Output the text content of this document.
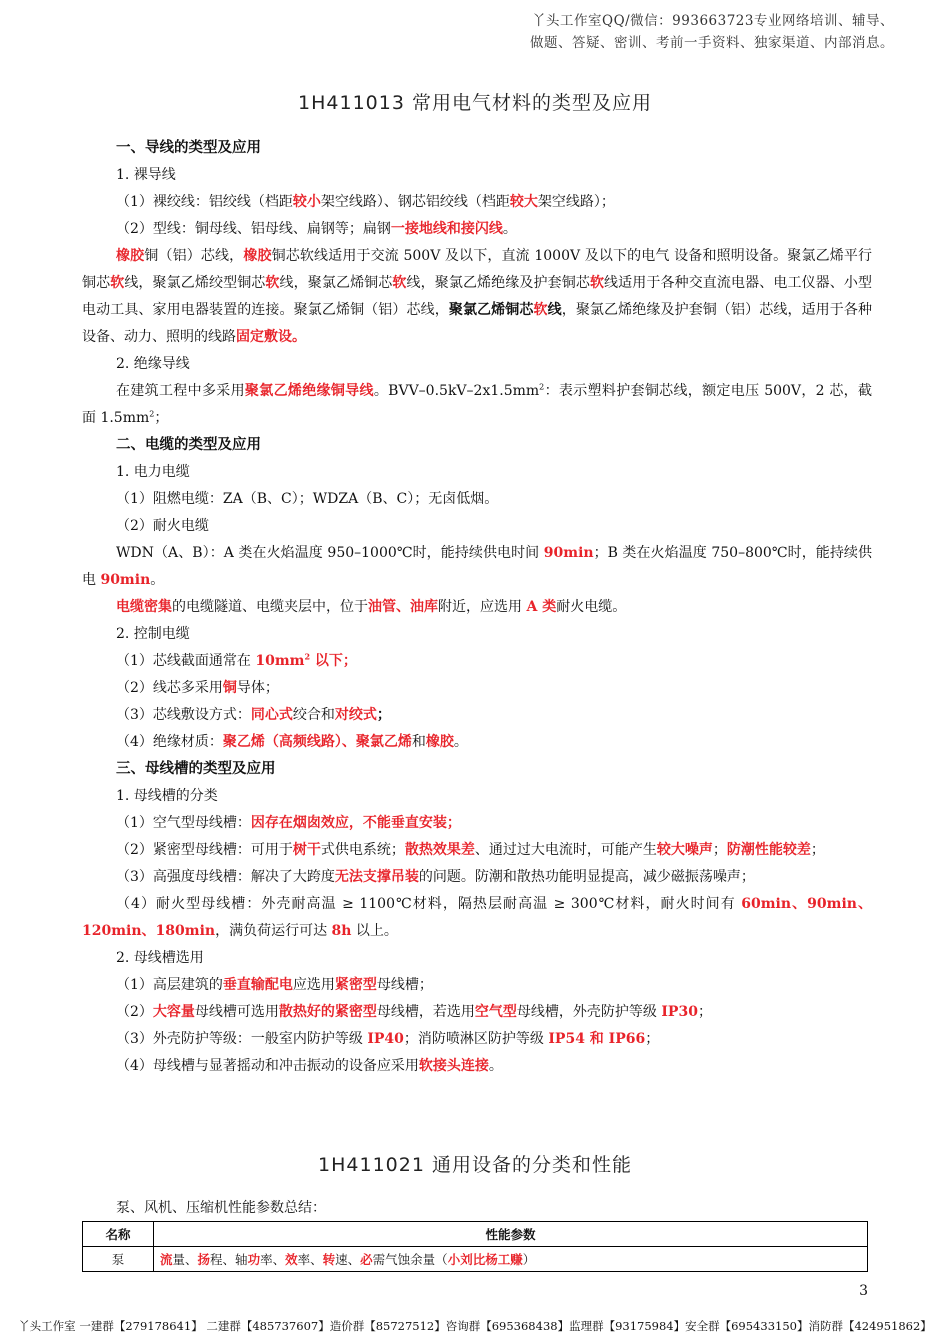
丫头工作室QQ/微信：993663723专业网络培训、辅导、
做题、答疑、密训、考前一手资料、独家渠道、内部消息。
1H411013 常用电气材料的类型及应用

一、导线的类型及应用

1. 裸导线

（1）裸绞线：铝绞线（档距较小架空线路）、钢芯铝绞线（档距较大架空线路）；

（2）型线：铜母线、铝母线、扁钢等；扁钢一接地线和接闪线。

橡胶铜（铝）芯线，橡胶铜芯软线适用于交流 500V 及以下，直流 1000V 及以下的电气 设备和照明设备。聚氯乙烯平行铜芯软线，聚氯乙烯绞型铜芯软线，聚氯乙烯铜芯软线，聚氯乙烯绝缘及护套铜芯软线适用于各种交直流电器、电工仪器、小型电动工具、家用电器装置的连接。聚氯乙烯铜（铝）芯线，聚氯乙烯铜芯软线，聚氯乙烯绝缘及护套铜（铝）芯线，适用于各种设备、动力、照明的线路固定敷设。

2. 绝缘导线

在建筑工程中多采用聚氯乙烯绝缘铜导线。BVV–$0.5kV-2x1.5mm^2$：表示塑料护套铜芯线，额定电压 500V，2 芯，截面 $1.5mm^2$；

二、电缆的类型及应用

1. 电力电缆

（1）阻燃电缆：ZA（B、C）；WDZA（B、C）；无卤低烟。

（2）耐火电缆

WDN（A、B）：A 类在火焰温度 950–1000℃时，能持续供电时间 90min；B 类在火焰温度 750–800℃时，能持续供电 90min。

电缆密集的电缆隧道、电缆夹层中，位于油管、油库附近，应选用 A 类耐火电缆。

2. 控制电缆

（1）芯线截面通常在 $10mm^2$ 以下；

（2）线芯多采用铜导体；

（3）芯线敷设方式：同心式绞合和对绞式；

（4）绝缘材质：聚乙烯（高频线路）、聚氯乙烯和橡胶。

三、母线槽的类型及应用

1. 母线槽的分类

（1）空气型母线槽：因存在烟囱效应，不能垂直安装；

（2）紧密型母线槽：可用于树干式供电系统；散热效果差、通过过大电流时，可能产生较大噪声；防潮性能较差；

（3）高强度母线槽：解决了大跨度无法支撑吊装的问题。防潮和散热功能明显提高，减少磁振荡噪声；

（4）耐火型母线槽：外壳耐高温 ≥ 1100℃材料，隔热层耐高温 ≥ 300℃材料，耐火时间有 60min、90min、120min、180min，满负荷运行可达 8h 以上。

2. 母线槽选用

（1）高层建筑的垂直输配电应选用紧密型母线槽；

（2）大容量母线槽可选用散热好的紧密型母线槽，若选用空气型母线槽，外壳防护等级 IP30；

（3）外壳防护等级：一般室内防护等级 IP40；消防喷淋区防护等级 IP54 和 IP66；

（4）母线槽与显著摇动和冲击振动的设备应采用软接头连接。

1H411021 通用设备的分类和性能
泵、风机、压缩机性能参数总结：
名称	性能参数
泵	流量、扬程、轴功率、效率、转速、必需气蚀余量（小刘比杨工赚）
3
丫头工作室 一建群【279178641】 二建群【485737607】造价群【85727512】咨询群【695368438】监理群【93175984】安全群【695433150】消防群【424951862】
